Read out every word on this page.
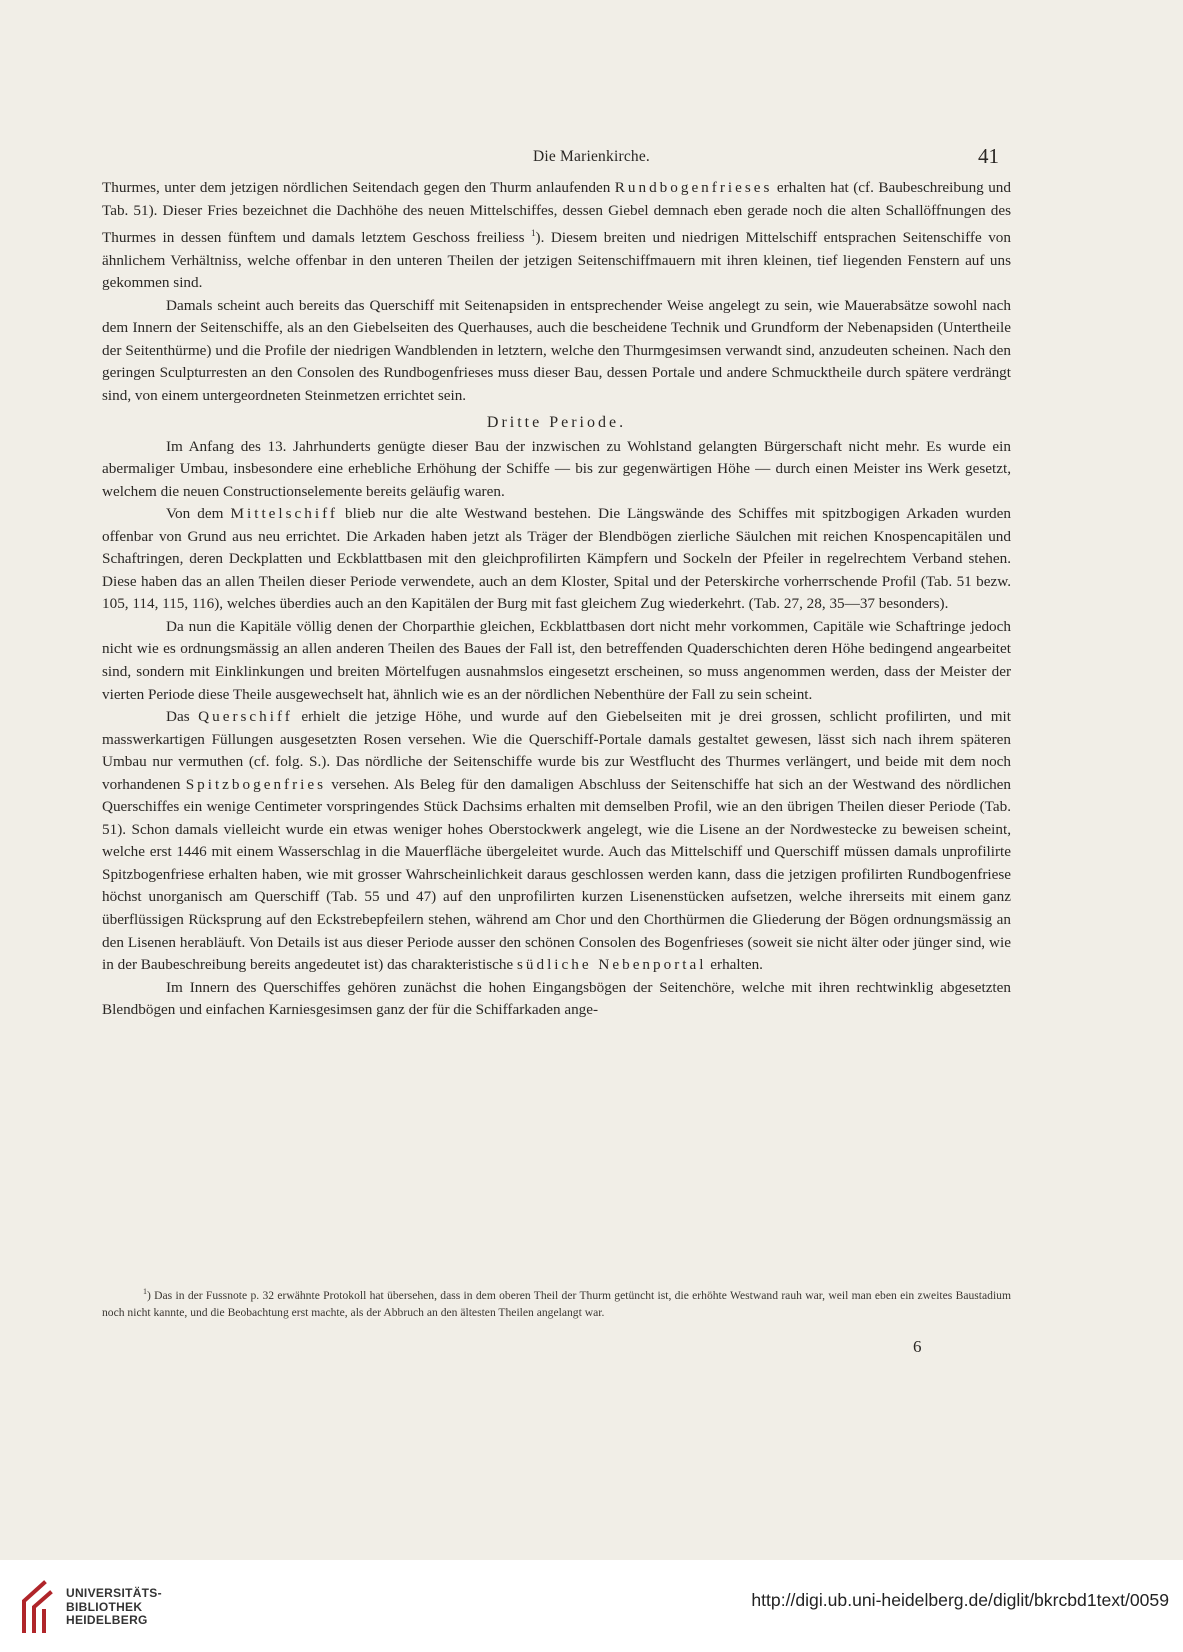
Die Marienkirche.	41

Thurmes, unter dem jetzigen nördlichen Seitendach gegen den Thurm anlaufenden Rundbogenfrieses erhalten hat (cf. Baubeschreibung und Tab. 51). Dieser Fries bezeichnet die Dachhöhe des neuen Mittelschiffes, dessen Giebel demnach eben gerade noch die alten Schallöffnungen des Thurmes in dessen fünftem und damals letztem Geschoss freiliess $^1$). Diesem breiten und niedrigen Mittelschiff entsprachen Seitenschiffe von ähnlichem Verhältniss, welche offenbar in den unteren Theilen der jetzigen Seitenschiffmauern mit ihren kleinen, tief liegenden Fenstern auf uns gekommen sind.

Damals scheint auch bereits das Querschiff mit Seitenapsiden in entsprechender Weise angelegt zu sein, wie Mauerabsätze sowohl nach dem Innern der Seitenschiffe, als an den Giebelseiten des Querhauses, auch die bescheidene Technik und Grundform der Nebenapsiden (Untertheile der Seitenthürme) und die Profile der niedrigen Wandblenden in letztern, welche den Thurmgesimsen verwandt sind, anzudeuten scheinen. Nach den geringen Sculpturresten an den Consolen des Rundbogenfrieses muss dieser Bau, dessen Portale und andere Schmucktheile durch spätere verdrängt sind, von einem untergeordneten Steinmetzen errichtet sein.

Dritte Periode.

Im Anfang des 13. Jahrhunderts genügte dieser Bau der inzwischen zu Wohlstand gelangten Bürgerschaft nicht mehr. Es wurde ein abermaliger Umbau, insbesondere eine erhebliche Erhöhung der Schiffe — bis zur gegenwärtigen Höhe — durch einen Meister ins Werk gesetzt, welchem die neuen Constructionselemente bereits geläufig waren.

Von dem Mittelschiff blieb nur die alte Westwand bestehen. Die Längswände des Schiffes mit spitzbogigen Arkaden wurden offenbar von Grund aus neu errichtet. Die Arkaden haben jetzt als Träger der Blendbögen zierliche Säulchen mit reichen Knospencapitälen und Schaftringen, deren Deckplatten und Eckblattbasen mit den gleichprofilirten Kämpfern und Sockeln der Pfeiler in regelrechtem Verband stehen. Diese haben das an allen Theilen dieser Periode verwendete, auch an dem Kloster, Spital und der Peterskirche vorherrschende Profil (Tab. 51 bezw. 105, 114, 115, 116), welches überdies auch an den Kapitälen der Burg mit fast gleichem Zug wiederkehrt. (Tab. 27, 28, 35—37 besonders).

Da nun die Kapitäle völlig denen der Chorparthie gleichen, Eckblattbasen dort nicht mehr vorkommen, Capitäle wie Schaftringe jedoch nicht wie es ordnungsmässig an allen anderen Theilen des Baues der Fall ist, den betreffenden Quaderschichten deren Höhe bedingend angearbeitet sind, sondern mit Einklinkungen und breiten Mörtelfugen ausnahmslos eingesetzt erscheinen, so muss angenommen werden, dass der Meister der vierten Periode diese Theile ausgewechselt hat, ähnlich wie es an der nördlichen Nebenthüre der Fall zu sein scheint.

Das Querschiff erhielt die jetzige Höhe, und wurde auf den Giebelseiten mit je drei grossen, schlicht profilirten, und mit masswerkartigen Füllungen ausgesetzten Rosen versehen. Wie die Querschiff-Portale damals gestaltet gewesen, lässt sich nach ihrem späteren Umbau nur vermuthen (cf. folg. S.). Das nördliche der Seitenschiffe wurde bis zur Westflucht des Thurmes verlängert, und beide mit dem noch vorhandenen Spitzbogenfries versehen. Als Beleg für den damaligen Abschluss der Seitenschiffe hat sich an der Westwand des nördlichen Querschiffes ein wenige Centimeter vorspringendes Stück Dachsims erhalten mit demselben Profil, wie an den übrigen Theilen dieser Periode (Tab. 51). Schon damals vielleicht wurde ein etwas weniger hohes Oberstockwerk angelegt, wie die Lisene an der Nordwestecke zu beweisen scheint, welche erst 1446 mit einem Wasserschlag in die Mauerfläche übergeleitet wurde. Auch das Mittelschiff und Querschiff müssen damals unprofilirte Spitzbogenfriese erhalten haben, wie mit grosser Wahrscheinlichkeit daraus geschlossen werden kann, dass die jetzigen profilirten Rundbogenfriese höchst unorganisch am Querschiff (Tab. 55 und 47) auf den unprofilirten kurzen Lisenenstücken aufsetzen, welche ihrerseits mit einem ganz überflüssigen Rücksprung auf den Eckstrebepfeilern stehen, während am Chor und den Chorthürmen die Gliederung der Bögen ordnungsmässig an den Lisenen herabläuft. Von Details ist aus dieser Periode ausser den schönen Consolen des Bogenfrieses (soweit sie nicht älter oder jünger sind, wie in der Baubeschreibung bereits angedeutet ist) das charakteristische südliche Nebenportal erhalten.

Im Innern des Querschiffes gehören zunächst die hohen Eingangsbögen der Seitenchöre, welche mit ihren rechtwinklig abgesetzten Blendbögen und einfachen Karniesgesimsen ganz der für die Schiffarkaden ange-

$^1$) Das in der Fussnote p. 32 erwähnte Protokoll hat übersehen, dass in dem oberen Theil der Thurm getüncht ist, die erhöhte Westwand rauh war, weil man eben ein zweites Baustadium noch nicht kannte, und die Beobachtung erst machte, als der Abbruch an den ältesten Theilen angelangt war.
6
UNIVERSITÄTS-
BIBLIOTHEK
HEIDELBERG
http://digi.ub.uni-heidelberg.de/diglit/bkrcbd1text/0059
